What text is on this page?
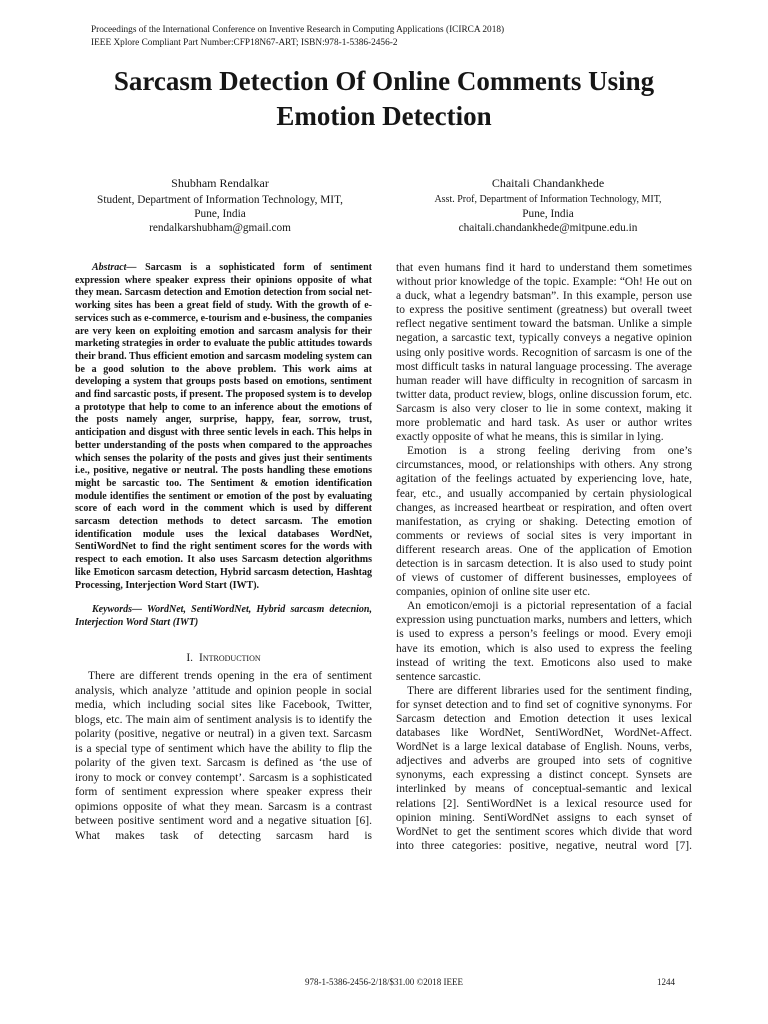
Proceedings of the International Conference on Inventive Research in Computing Applications (ICIRCA 2018)
IEEE Xplore Compliant Part Number:CFP18N67-ART; ISBN:978-1-5386-2456-2
Sarcasm Detection Of Online Comments Using
Emotion Detection
Shubham Rendalkar
Student, Department of Information Technology, MIT,
Pune, India
rendalkarshubham@gmail.com
Chaitali Chandankhede
Asst. Prof, Department of Information Technology, MIT,
Pune, India
chaitali.chandankhede@mitpune.edu.in

Abstract— Sarcasm is a sophisticated form of sentiment expression where speaker express their opinions opposite of what they mean. Sarcasm detection and Emotion detection from social net- working sites has been a great field of study. With the growth of e-services such as e-commerce, e-tourism and e-business, the companies are very keen on exploiting emotion and sarcasm analysis for their marketing strategies in order to evaluate the public attitudes towards their brand. Thus efficient emotion and sarcasm modeling system can be a good solution to the above problem. This work aims at developing a system that groups posts based on emotions, sentiment and find sarcastic posts, if present. The proposed system is to develop a prototype that help to come to an inference about the emotions of the posts namely anger, surprise, happy, fear, sorrow, trust, anticipation and disgust with three sentic levels in each. This helps in better understanding of the posts when compared to the approaches which senses the polarity of the posts and gives just their sentiments i.e., positive, negative or neutral. The posts handling these emotions might be sarcastic too. The Sentiment & emotion identification module identifies the sentiment or emotion of the post by evaluating score of each word in the comment which is used by different sarcasm detection methods to detect sarcasm. The emotion identification module uses the lexical databases WordNet, SentiWordNet to find the right sentiment scores for the words with respect to each emotion. It also uses Sarcasm detection algorithms like Emoticon sarcasm detection, Hybrid sarcasm detection, Hashtag Processing, Interjection Word Start (IWT).

Keywords— WordNet, SentiWordNet, Hybrid sarcasm detecnion, Interjection Word Start (IWT)

I. Introduction

There are different trends opening in the era of sentiment analysis, which analyze ’attitude and opinion people in social media, which including social sites like Facebook, Twitter, blogs, etc. The main aim of sentiment analysis is to identify the polarity (positive, negative or neutral) in a given text. Sarcasm is a special type of sentiment which have the ability to flip the polarity of the given text. Sarcasm is defined as ‘the use of irony to mock or convey contempt’. Sarcasm is a sophisticated form of sentiment expression where speaker express their opimions opposite of what they mean. Sarcasm is a contrast between positive sentiment word and a negative situation [6]. What makes task of detecting sarcasm hard is

that even humans find it hard to understand them sometimes without prior knowledge of the topic. Example: “Oh! He out on a duck, what a legendry batsman”. In this example, person use to express the positive sentiment (greatness) but overall tweet reflect negative sentiment toward the batsman. Unlike a simple negation, a sarcastic text, typically conveys a negative opinion using only positive words. Recognition of sarcasm is one of the most difficult tasks in natural language processing. The average human reader will have difficulty in recognition of sarcasm in twitter data, product review, blogs, online discussion forum, etc. Sarcasm is also very closer to lie in some context, making it more problematic and hard task. As user or author writes exactly opposite of what he means, this is similar in lying.

Emotion is a strong feeling deriving from one’s circumstances, mood, or relationships with others. Any strong agitation of the feelings actuated by experiencing love, hate, fear, etc., and usually accompanied by certain physiological changes, as increased heartbeat or respiration, and often overt manifestation, as crying or shaking. Detecting emotion of comments or reviews of social sites is very important in different research areas. One of the application of Emotion detection is in sarcasm detection. It is also used to study point of views of customer of different businesses, employees of companies, opinion of online site user etc.

An emoticon/emoji is a pictorial representation of a facial expression using punctuation marks, numbers and letters, which is used to express a person’s feelings or mood. Every emoji have its emotion, which is also used to express the feeling instead of writing the text. Emoticons also used to make sentence sarcastic.

There are different libraries used for the sentiment finding, for synset detection and to find set of cognitive synonyms. For Sarcasm detection and Emotion detection it uses lexical databases like WordNet, SentiWordNet, WordNet-Affect. WordNet is a large lexical database of English. Nouns, verbs, adjectives and adverbs are grouped into sets of cognitive synonyms, each expressing a distinct concept. Synsets are interlinked by means of conceptual-semantic and lexical relations [2]. SentiWordNet is a lexical resource used for opinion mining. SentiWordNet assigns to each synset of WordNet to get the sentiment scores which divide that word into three categories: positive, negative, neutral word [7].

978-1-5386-2456-2/18/$31.00 ©2018 IEEE	1244
